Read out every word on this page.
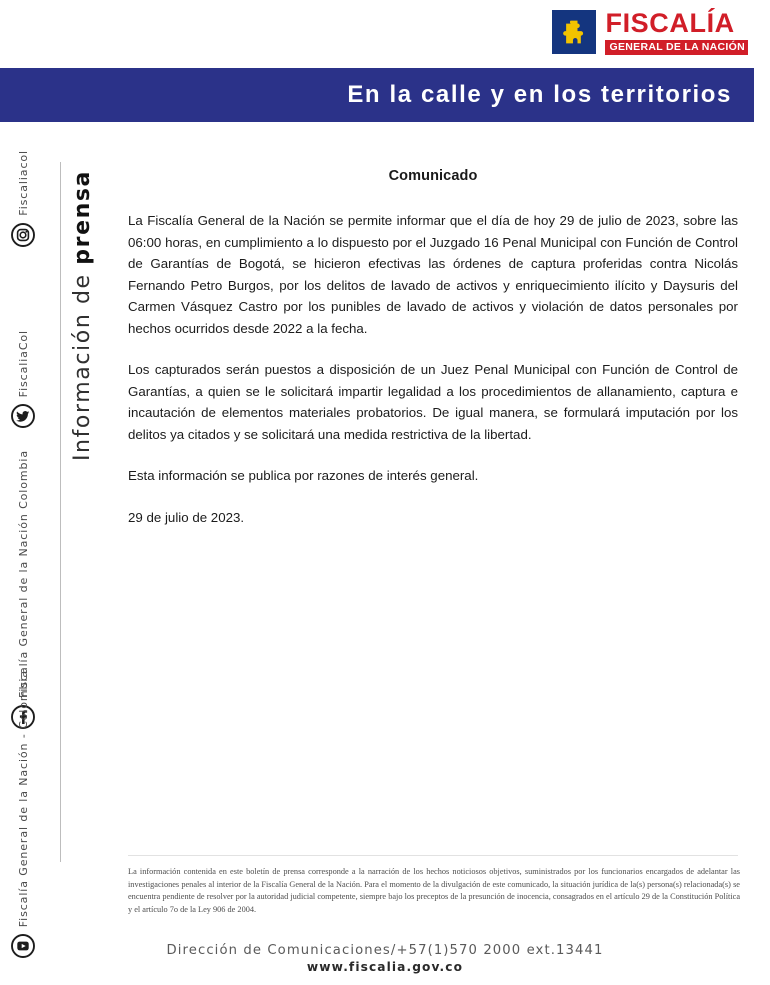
FISCALÍA
GENERAL DE LA NACIÓN
En la calle y en los territorios
Fiscaliacol
FiscaliaCol
Fiscalía General de la Nación Colombia
Fiscalía General de la Nación - Colombia
Información de prensa	Comunicado

La Fiscalía General de la Nación se permite informar que el día de hoy 29 de julio de 2023, sobre las 06:00 horas, en cumplimiento a lo dispuesto por el Juzgado 16 Penal Municipal con Función de Control de Garantías de Bogotá, se hicieron efectivas las órdenes de captura proferidas contra Nicolás Fernando Petro Burgos, por los delitos de lavado de activos y enriquecimiento ilícito y Daysuris del Carmen Vásquez Castro por los punibles de lavado de activos y violación de datos personales por hechos ocurridos desde 2022 a la fecha.

Los capturados serán puestos a disposición de un Juez Penal Municipal con Función de Control de Garantías, a quien se le solicitará impartir legalidad a los procedimientos de allanamiento, captura e incautación de elementos materiales probatorios. De igual manera, se formulará imputación por los delitos ya citados y se solicitará una medida restrictiva de la libertad.

Esta información se publica por razones de interés general.

29 de julio de 2023.

La información contenida en este boletín de prensa corresponde a la narración de los hechos noticiosos objetivos, suministrados por los funcionarios encargados de adelantar las investigaciones penales al interior de la Fiscalía General de la Nación. Para el momento de la divulgación de este comunicado, la situación jurídica de la(s) persona(s) relacionada(s) se encuentra pendiente de resolver por la autoridad judicial competente, siempre bajo los preceptos de la presunción de inocencia, consagrados en el artículo 29 de la Constitución Política y el artículo 7o de la Ley 906 de 2004.
Dirección de Comunicaciones/+57(1)570 2000 ext.13441
www.fiscalia.gov.co
